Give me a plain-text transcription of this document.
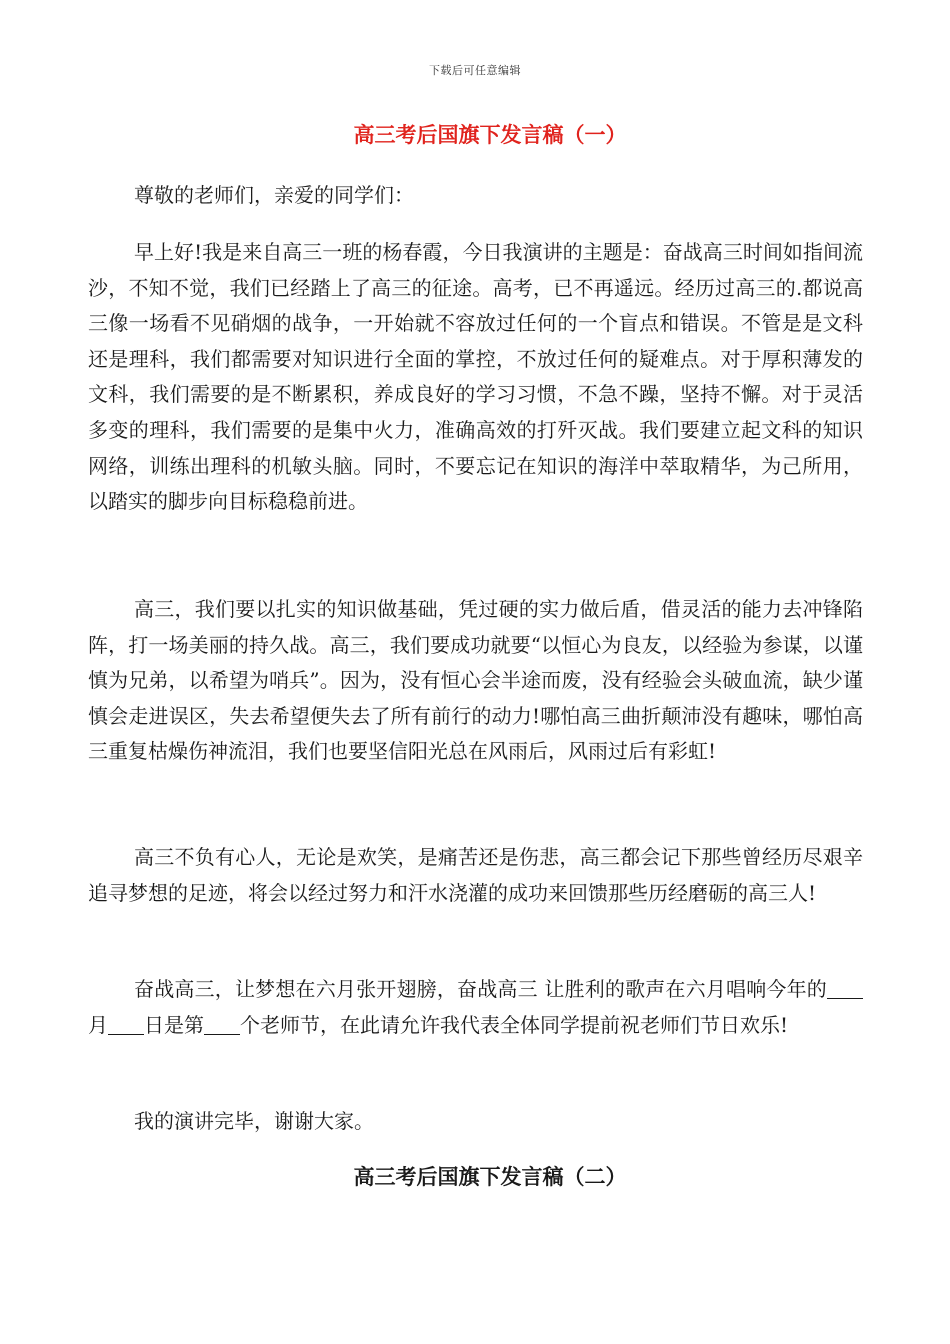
下载后可任意编辑
高三考后国旗下发言稿（一）

尊敬的老师们，亲爱的同学们：

早上好!我是来自高三一班的杨春霞，今日我演讲的主题是：奋战高三时间如指间流沙，不知不觉，我们已经踏上了高三的征途。高考，已不再遥远。经历过高三的.都说高三像一场看不见硝烟的战争，一开始就不容放过任何的一个盲点和错误。不管是是文科还是理科，我们都需要对知识进行全面的掌控，不放过任何的疑难点。对于厚积薄发的文科，我们需要的是不断累积，养成良好的学习习惯，不急不躁，坚持不懈。对于灵活多变的理科，我们需要的是集中火力，准确高效的打歼灭战。我们要建立起文科的知识网络，训练出理科的机敏头脑。同时，不要忘记在知识的海洋中萃取精华，为己所用，以踏实的脚步向目标稳稳前进。

高三，我们要以扎实的知识做基础，凭过硬的实力做后盾，借灵活的能力去冲锋陷阵，打一场美丽的持久战。高三，我们要成功就要“以恒心为良友，以经验为参谋，以谨慎为兄弟，以希望为哨兵”。因为，没有恒心会半途而废，没有经验会头破血流，缺少谨慎会走进误区，失去希望便失去了所有前行的动力!哪怕高三曲折颠沛没有趣味，哪怕高三重复枯燥伤神流泪，我们也要坚信阳光总在风雨后，风雨过后有彩虹!

高三不负有心人，无论是欢笑，是痛苦还是伤悲，高三都会记下那些曾经历尽艰辛追寻梦想的足迹，将会以经过努力和汗水浇灌的成功来回馈那些历经磨砺的高三人!

奋战高三，让梦想在六月张开翅膀，奋战高三 让胜利的歌声在六月唱响今年的月 日是第 个老师节，在此请允许我代表全体同学提前祝老师们节日欢乐!

我的演讲完毕，谢谢大家。

高三考后国旗下发言稿（二）
